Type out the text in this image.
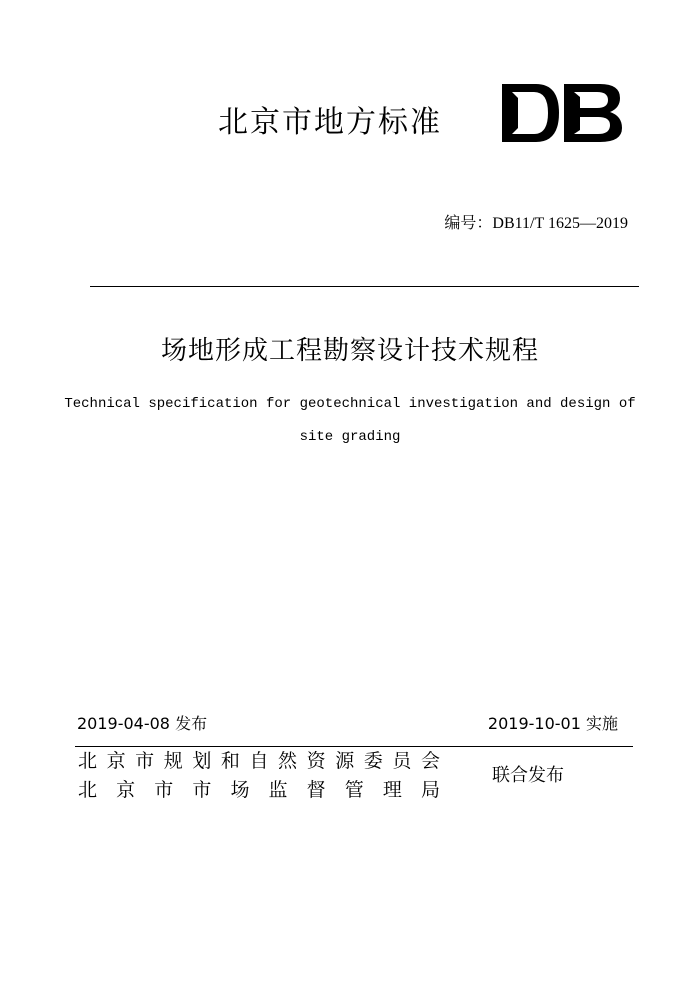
北京市地方标准
编号：DB11/T 1625—2019
场地形成工程勘察设计技术规程
Technical specification for geotechnical investigation and design of
site grading
2019-04-08 发布	2019-10-01 实施
北 京 市 规 划 和 自 然 资 源 委 员 会
北 京 市 市 场 监 督 管 理 局
联合发布
